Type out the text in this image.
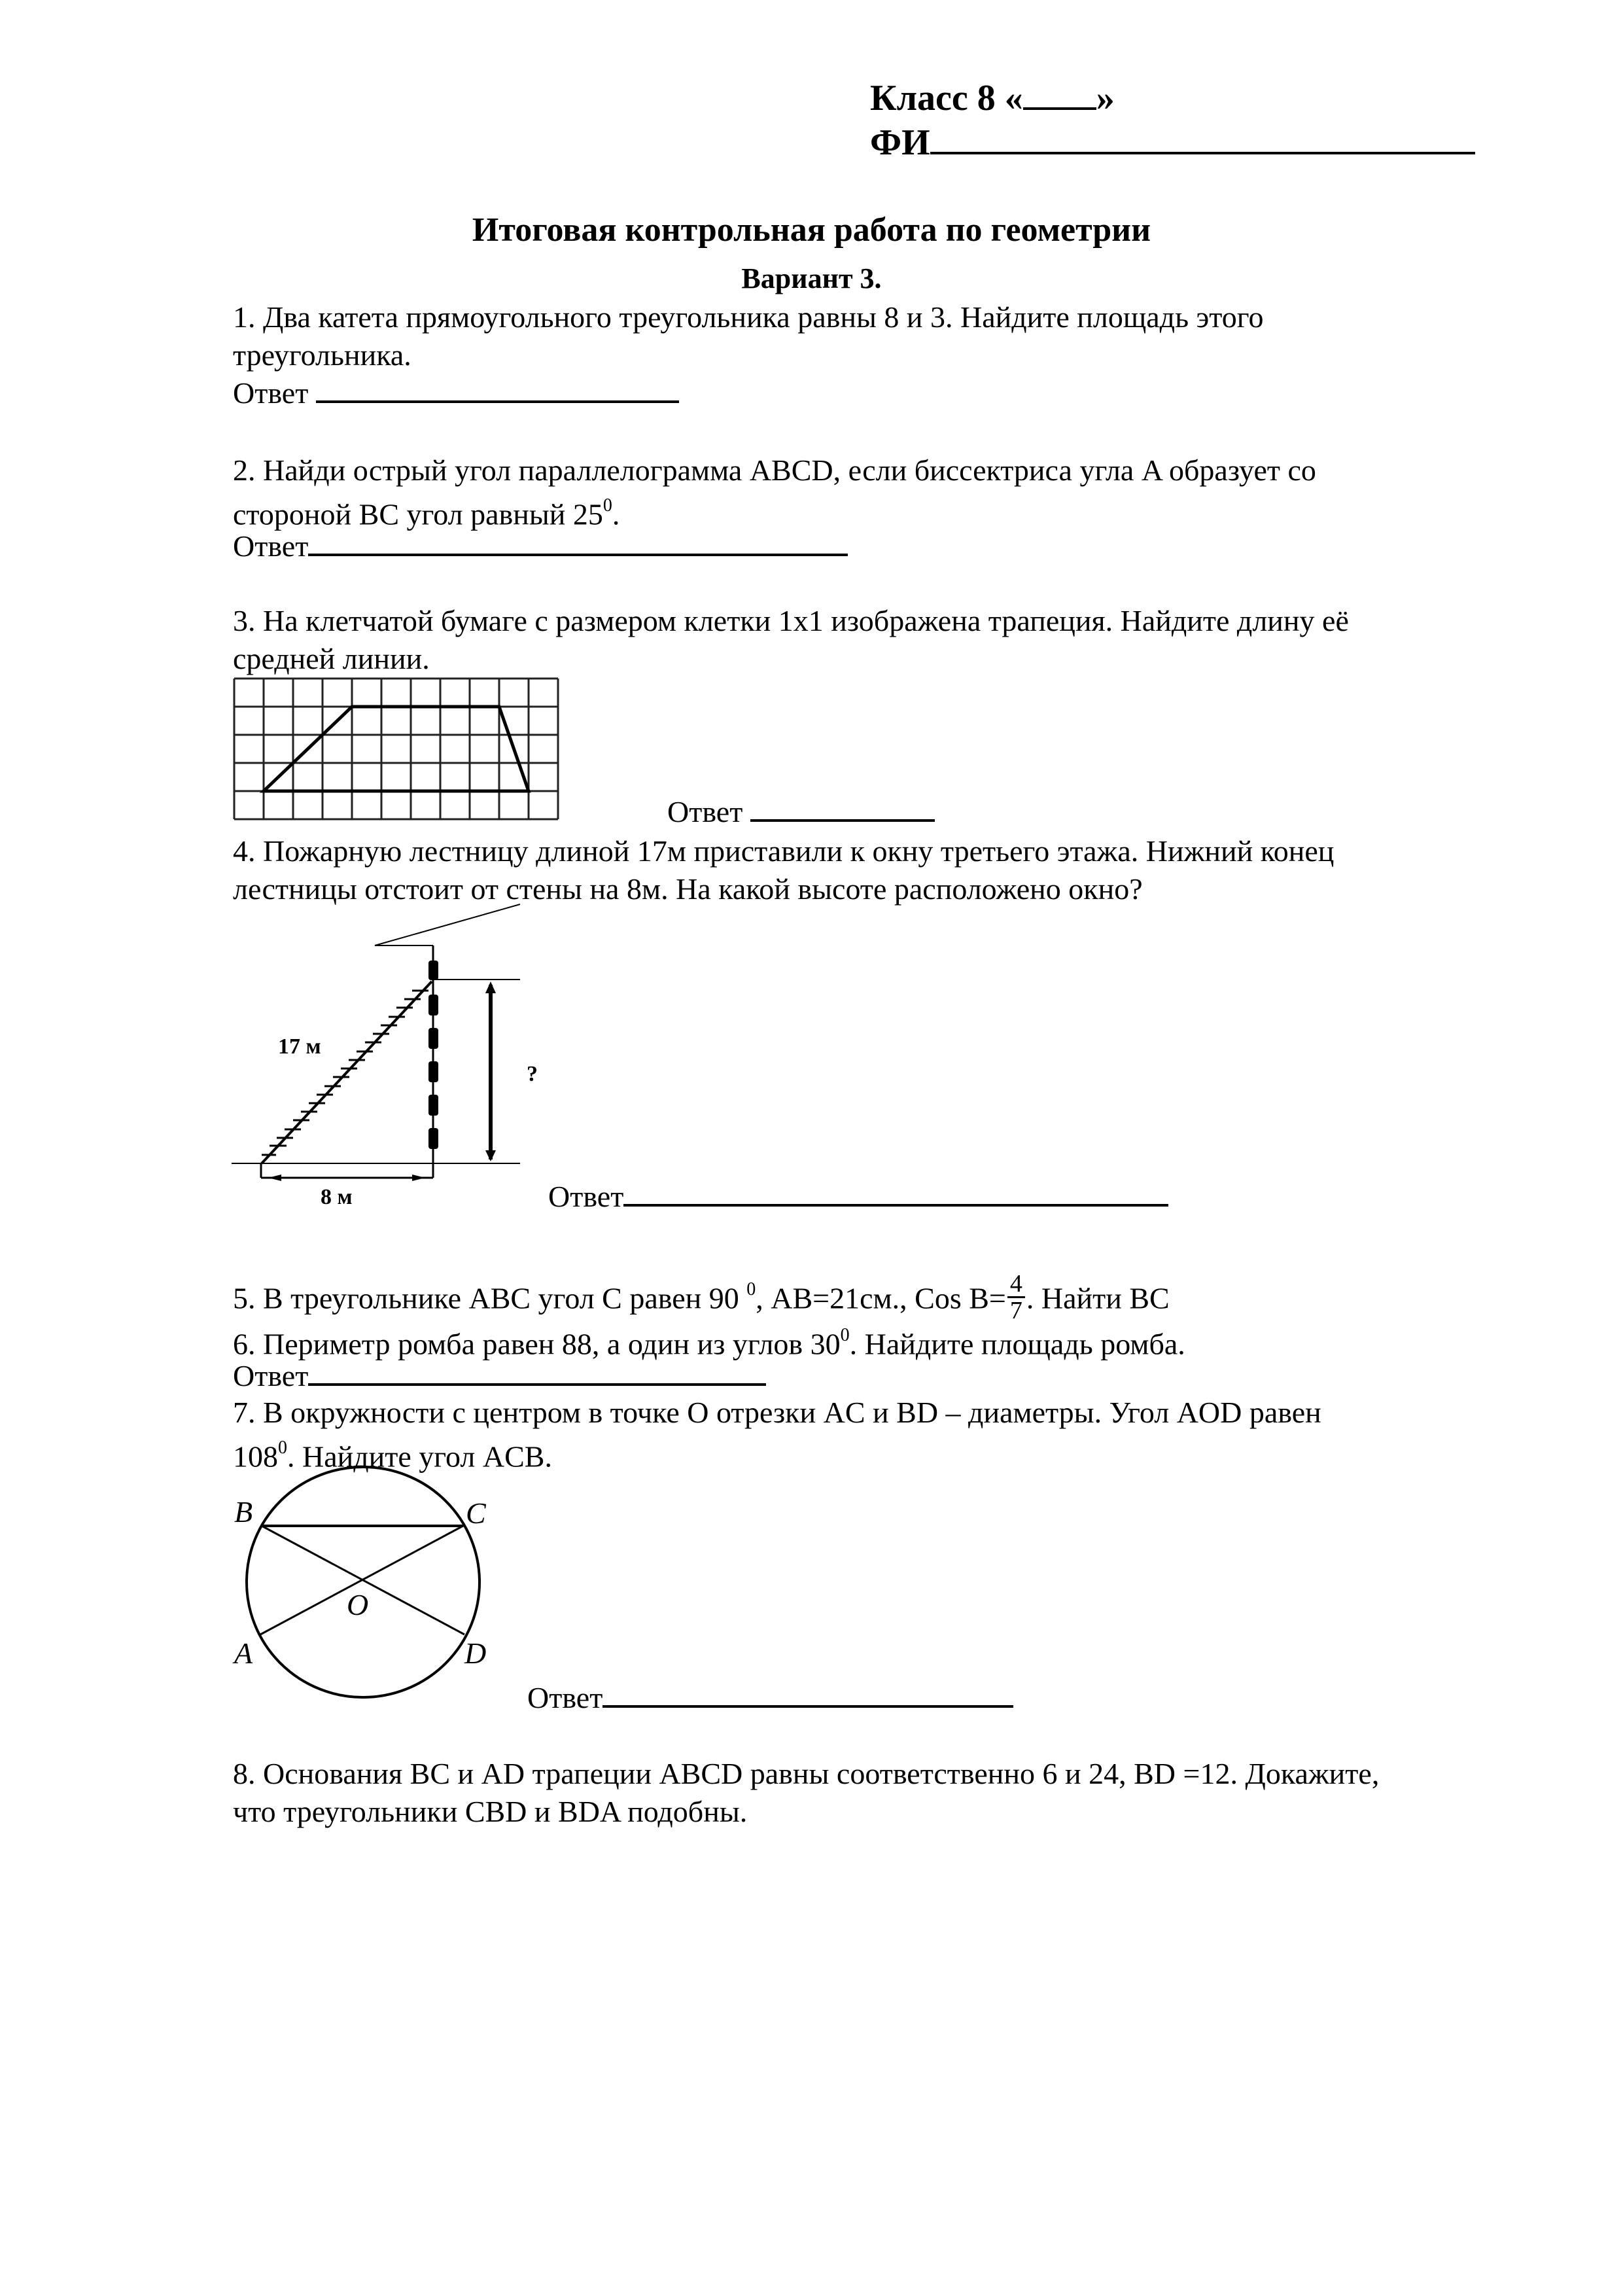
Класс 8 « »
ФИ
Итоговая контрольная работа по геометрии
Вариант 3.
1. Два катета прямоугольного треугольника равны 8 и 3. Найдите площадь этого
треугольника.
Ответ
2. Найди острый угол параллелограмма ABCD, если биссектриса угла A образует со
стороной BC угол равный $25^0$.
Ответ
3. На клетчатой бумаге с размером клетки 1x1 изображена трапеция. Найдите длину её
средней линии.
Ответ
4. Пожарную лестницу длиной 17м приставили к окну третьего этажа. Нижний конец
лестницы отстоит от стены на 8м. На какой высоте расположено окно?
17 м
8 м
?
Ответ
5. В треугольнике ABC угол C равен 90 $^0$, AB=21см., Cos $B= \frac{4}{7}$ . Найти BC
6. Периметр ромба равен 88, а один из углов $30^0$. Найдите площадь ромба.
Ответ
7. В окружности с центром в точке O отрезки AC и BD – диаметры. Угол AOD равен
$108^0$. Найдите угол ACB.
B	C
O
A	D
Ответ
8. Основания BC и AD трапеции ABCD равны соответственно 6 и 24, BD =12. Докажите,
что треугольники CBD и BDA подобны.
